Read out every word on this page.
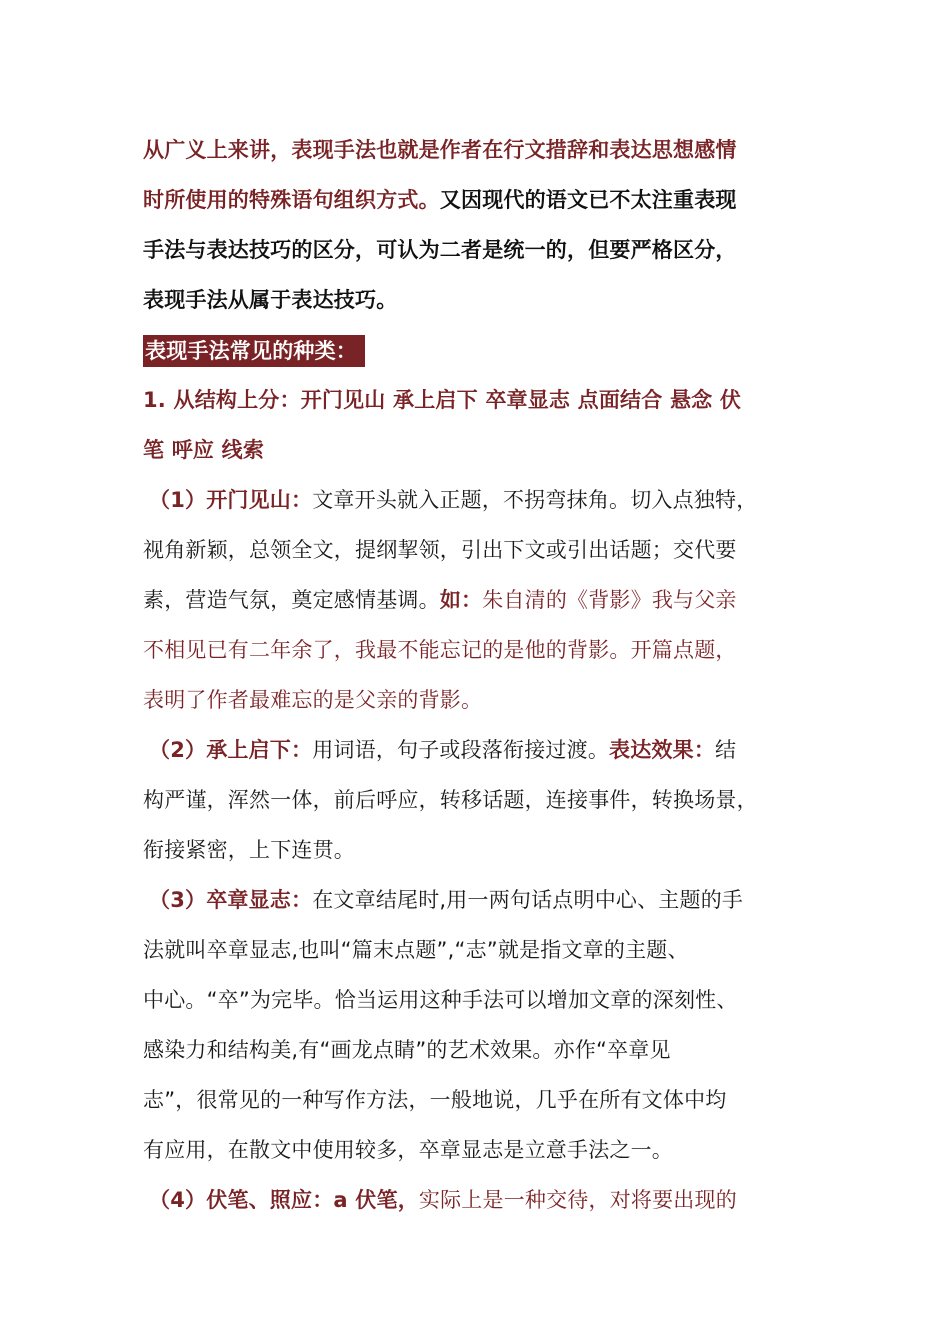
从广义上来讲，表现手法也就是作者在行文措辞和表达思想感情
时所使用的特殊语句组织方式。又因现代的语文已不太注重表现
手法与表达技巧的区分，可认为二者是统一的，但要严格区分，
表现手法从属于表达技巧。
表现手法常见的种类：
1. 从结构上分：开门见山 承上启下 卒章显志 点面结合 悬念 伏
笔 呼应 线索
（1）开门见山：文章开头就入正题，不拐弯抹角。切入点独特，
视角新颖，总领全文，提纲挈领，引出下文或引出话题；交代要
素，营造气氛，奠定感情基调。如：朱自清的《背影》我与父亲
不相见已有二年余了，我最不能忘记的是他的背影。开篇点题，
表明了作者最难忘的是父亲的背影。
（2）承上启下：用词语，句子或段落衔接过渡。表达效果：结
构严谨，浑然一体，前后呼应，转移话题，连接事件，转换场景，
衔接紧密，上下连贯。
（3）卒章显志：在文章结尾时,用一两句话点明中心、主题的手
法就叫卒章显志,也叫“篇末点题”,“志”就是指文章的主题、
中心。“卒”为完毕。恰当运用这种手法可以增加文章的深刻性、
感染力和结构美,有“画龙点睛”的艺术效果。亦作“卒章见
志”，很常见的一种写作方法，一般地说，几乎在所有文体中均
有应用，在散文中使用较多，卒章显志是立意手法之一。
（4）伏笔、照应：a 伏笔，实际上是一种交待，对将要出现的
